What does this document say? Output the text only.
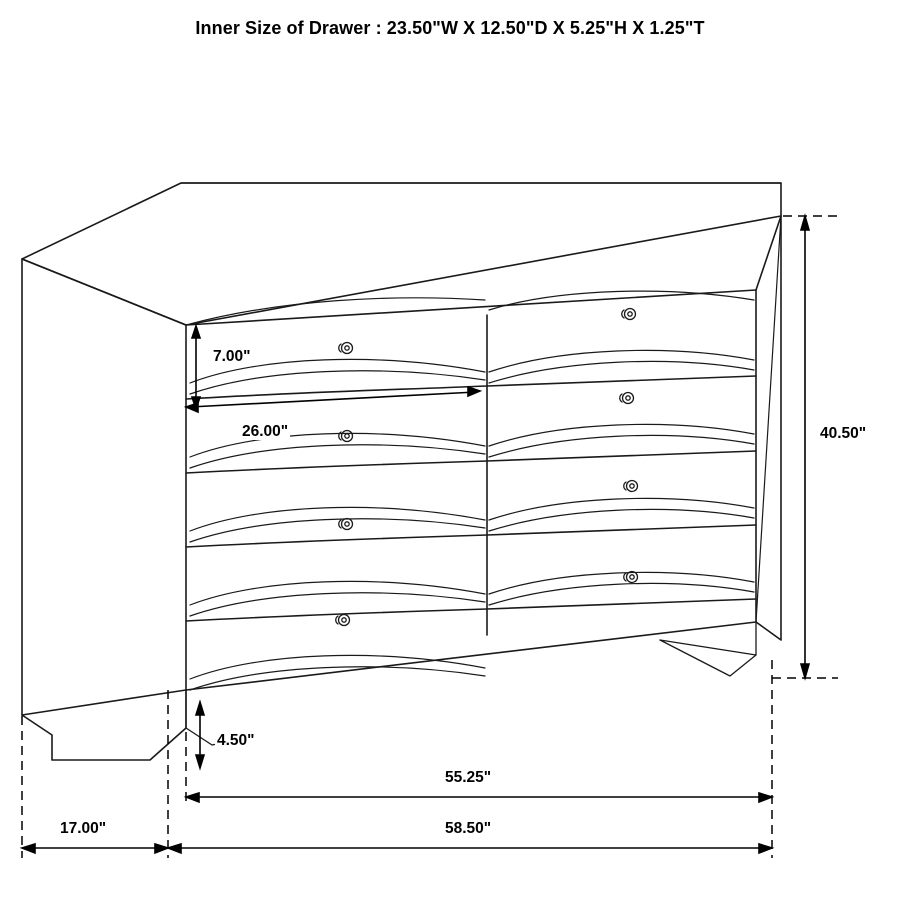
Inner Size of Drawer : 23.50"W X 12.50"D X 5.25"H X 1.25"T
7.00"
26.00"	40.50"
4.50"
55.25"
58.50"
17.00"
